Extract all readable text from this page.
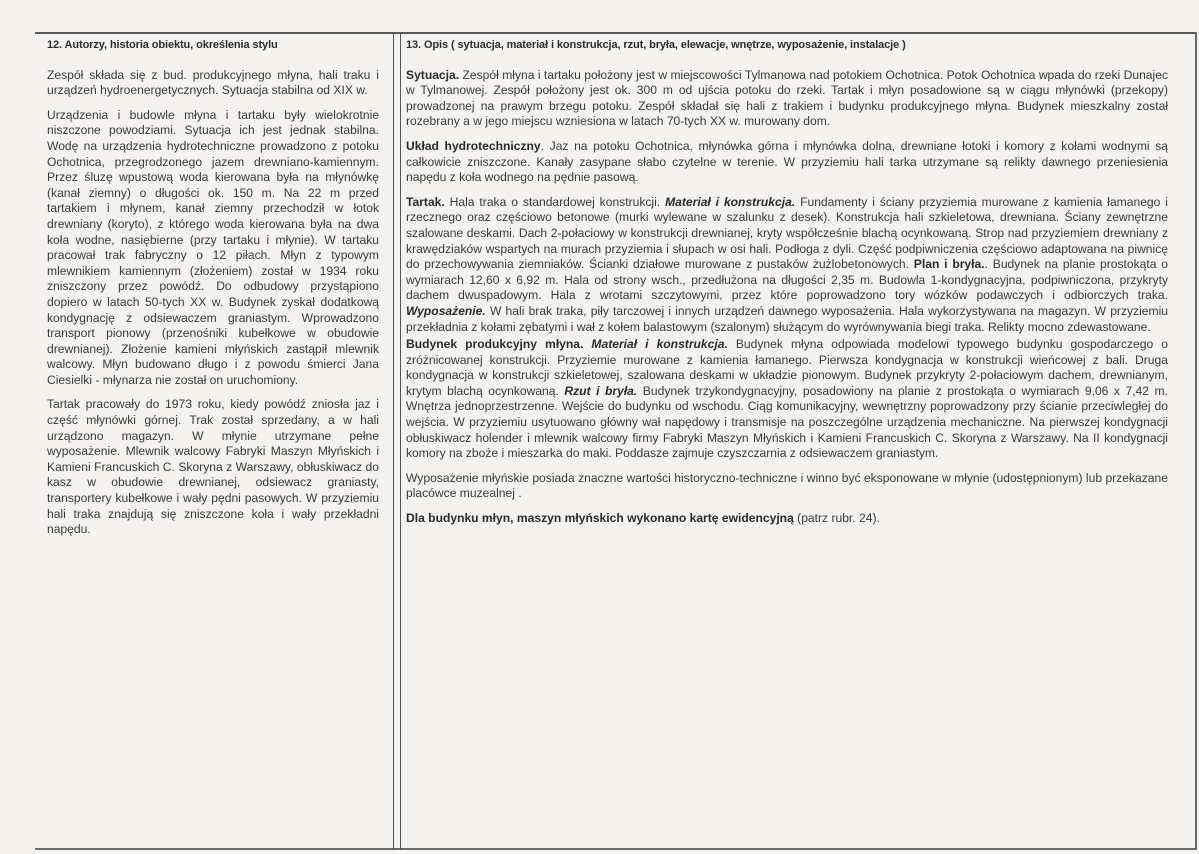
12. Autorzy, historia obiektu, określenia stylu

Zespół składa się z bud. produkcyjnego młyna, hali traku i urządzeń hydroenergetycznych. Sytuacja stabilna od XIX w.

Urządzenia i budowle młyna i tartaku były wielokrotnie niszczone powodziami. Sytuacja ich jest jednak stabilna. Wodę na urządzenia hydrotechniczne prowadzono z potoku Ochotnica, przegrodzonego jazem drewniano-kamiennym. Przez śluzę wpustową woda kierowana była na młynówkę (kanał ziemny) o długości ok. 150 m. Na 22 m przed tartakiem i młynem, kanał ziemny przechodził w łotok drewniany (koryto), z którego woda kierowana była na dwa koła wodne, nasiębierne (przy tartaku i młynie). W tartaku pracował trak fabryczny o 12 piłach. Młyn z typowym mlewnikiem kamiennym (złożeniem) został w 1934 roku zniszczony przez powódź. Do odbudowy przystąpiono dopiero w latach 50-tych XX w. Budynek zyskał dodatkową kondygnację z odsiewaczem graniastym. Wprowadzono transport pionowy (przenośniki kubełkowe w obudowie drewnianej). Złożenie kamieni młyńskich zastąpił mlewnik walcowy. Młyn budowano długo i z powodu śmierci Jana Ciesielki - młynarza nie został on uruchomiony.

Tartak pracowały do 1973 roku, kiedy powódź zniosła jaz i część młynówki górnej. Trak został sprzedany, a w hali urządzono magazyn. W młynie utrzymane pełne wyposażenie. Mlewnik walcowy Fabryki Maszyn Młyńskich i Kamieni Francuskich C. Skoryna z Warszawy, obłuskiwacz do kasz w obudowie drewnianej, odsiewacz graniasty, transportery kubełkowe i wały pędni pasowych. W przyziemiu hali traka znajdują się zniszczone koła i wały przekładni napędu.

13. Opis ( sytuacja, materiał i konstrukcja, rzut, bryła, elewacje, wnętrze, wyposażenie, instalacje )

Sytuacja. Zespół młyna i tartaku położony jest w miejscowości Tylmanowa nad potokiem Ochotnica. Potok Ochotnica wpada do rzeki Dunajec w Tylmanowej. Zespół położony jest ok. 300 m od ujścia potoku do rzeki. Tartak i młyn posadowione są w ciągu młynówki (przekopy) prowadzonej na prawym brzegu potoku. Zespół składał się hali z trakiem i budynku produkcyjnego młyna. Budynek mieszkalny został rozebrany a w jego miejscu wzniesiona w latach 70-tych XX w. murowany dom.

Układ hydrotechniczny. Jaz na potoku Ochotnica, młynówka górna i młynówka dolna, drewniane łotoki i komory z kołami wodnymi są całkowicie zniszczone. Kanały zasypane słabo czytelne w terenie. W przyziemiu hali tarka utrzymane są relikty dawnego przeniesienia napędu z koła wodnego na pędnie pasową.

Tartak. Hala traka o standardowej konstrukcji. Materiał i konstrukcja. Fundamenty i ściany przyziemia murowane z kamienia łamanego i rzecznego oraz częściowo betonowe (murki wylewane w szalunku z desek). Konstrukcja hali szkieletowa, drewniana. Ściany zewnętrzne szalowane deskami. Dach 2-połaciowy w konstrukcji drewnianej, kryty współcześnie blachą ocynkowaną. Strop nad przyziemiem drewniany z krawędziaków wspartych na murach przyziemia i słupach w osi hali. Podłoga z dyli. Część podpiwniczenia częściowo adaptowana na piwnicę do przechowywania ziemniaków. Ścianki działowe murowane z pustaków żużlobetonowych. Plan i bryła.. Budynek na planie prostokąta o wymiarach 12,60 x 6,92 m. Hala od strony wsch., przedłużona na długości 2,35 m. Budowla 1-kondygnacyjna, podpiwniczona, przykryty dachem dwuspadowym. Hala z wrotami szczytowymi, przez które poprowadzono tory wózków podawczych i odbiorczych traka. Wyposażenie. W hali brak traka, piły tarczowej i innych urządzeń dawnego wyposażenia. Hala wykorzystywana na magazyn. W przyziemiu przekładnia z kołami zębatymi i wał z kołem balastowym (szalonym) służącym do wyrównywania biegi traka. Relikty mocno zdewastowane.

Budynek produkcyjny młyna. Materiał i konstrukcja. Budynek młyna odpowiada modelowi typowego budynku gospodarczego o zróżnicowanej konstrukcji. Przyziemie murowane z kamienia łamanego. Pierwsza kondygnacja w konstrukcji wieńcowej z bali. Druga kondygnacja w konstrukcji szkieletowej, szalowana deskami w układzie pionowym. Budynek przykryty 2-połaciowym dachem, drewnianym, krytym blachą ocynkowaną. Rzut i bryła. Budynek trzykondygnacyjny, posadowiony na planie z prostokąta o wymiarach 9,06 x 7,42 m. Wnętrza jednoprzestrzenne. Wejście do budynku od wschodu. Ciąg komunikacyjny, wewnętrzny poprowadzony przy ścianie przeciwległej do wejścia. W przyziemiu usytuowano główny wał napędowy i transmisje na poszczególne urządzenia mechaniczne. Na pierwszej kondygnacji obłuskiwacz holender i mlewnik walcowy firmy Fabryki Maszyn Młyńskich i Kamieni Francuskich C. Skoryna z Warszawy. Na II kondygnacji komory na zboże i mieszarka do maki. Poddasze zajmuje czyszczarnia z odsiewaczem graniastym.

Wyposażenie młyńskie posiada znaczne wartości historyczno-techniczne i winno być eksponowane w młynie (udostępnionym) lub przekazane placówce muzealnej .

Dla budynku młyn, maszyn młyńskich wykonano kartę ewidencyjną (patrz rubr. 24).
